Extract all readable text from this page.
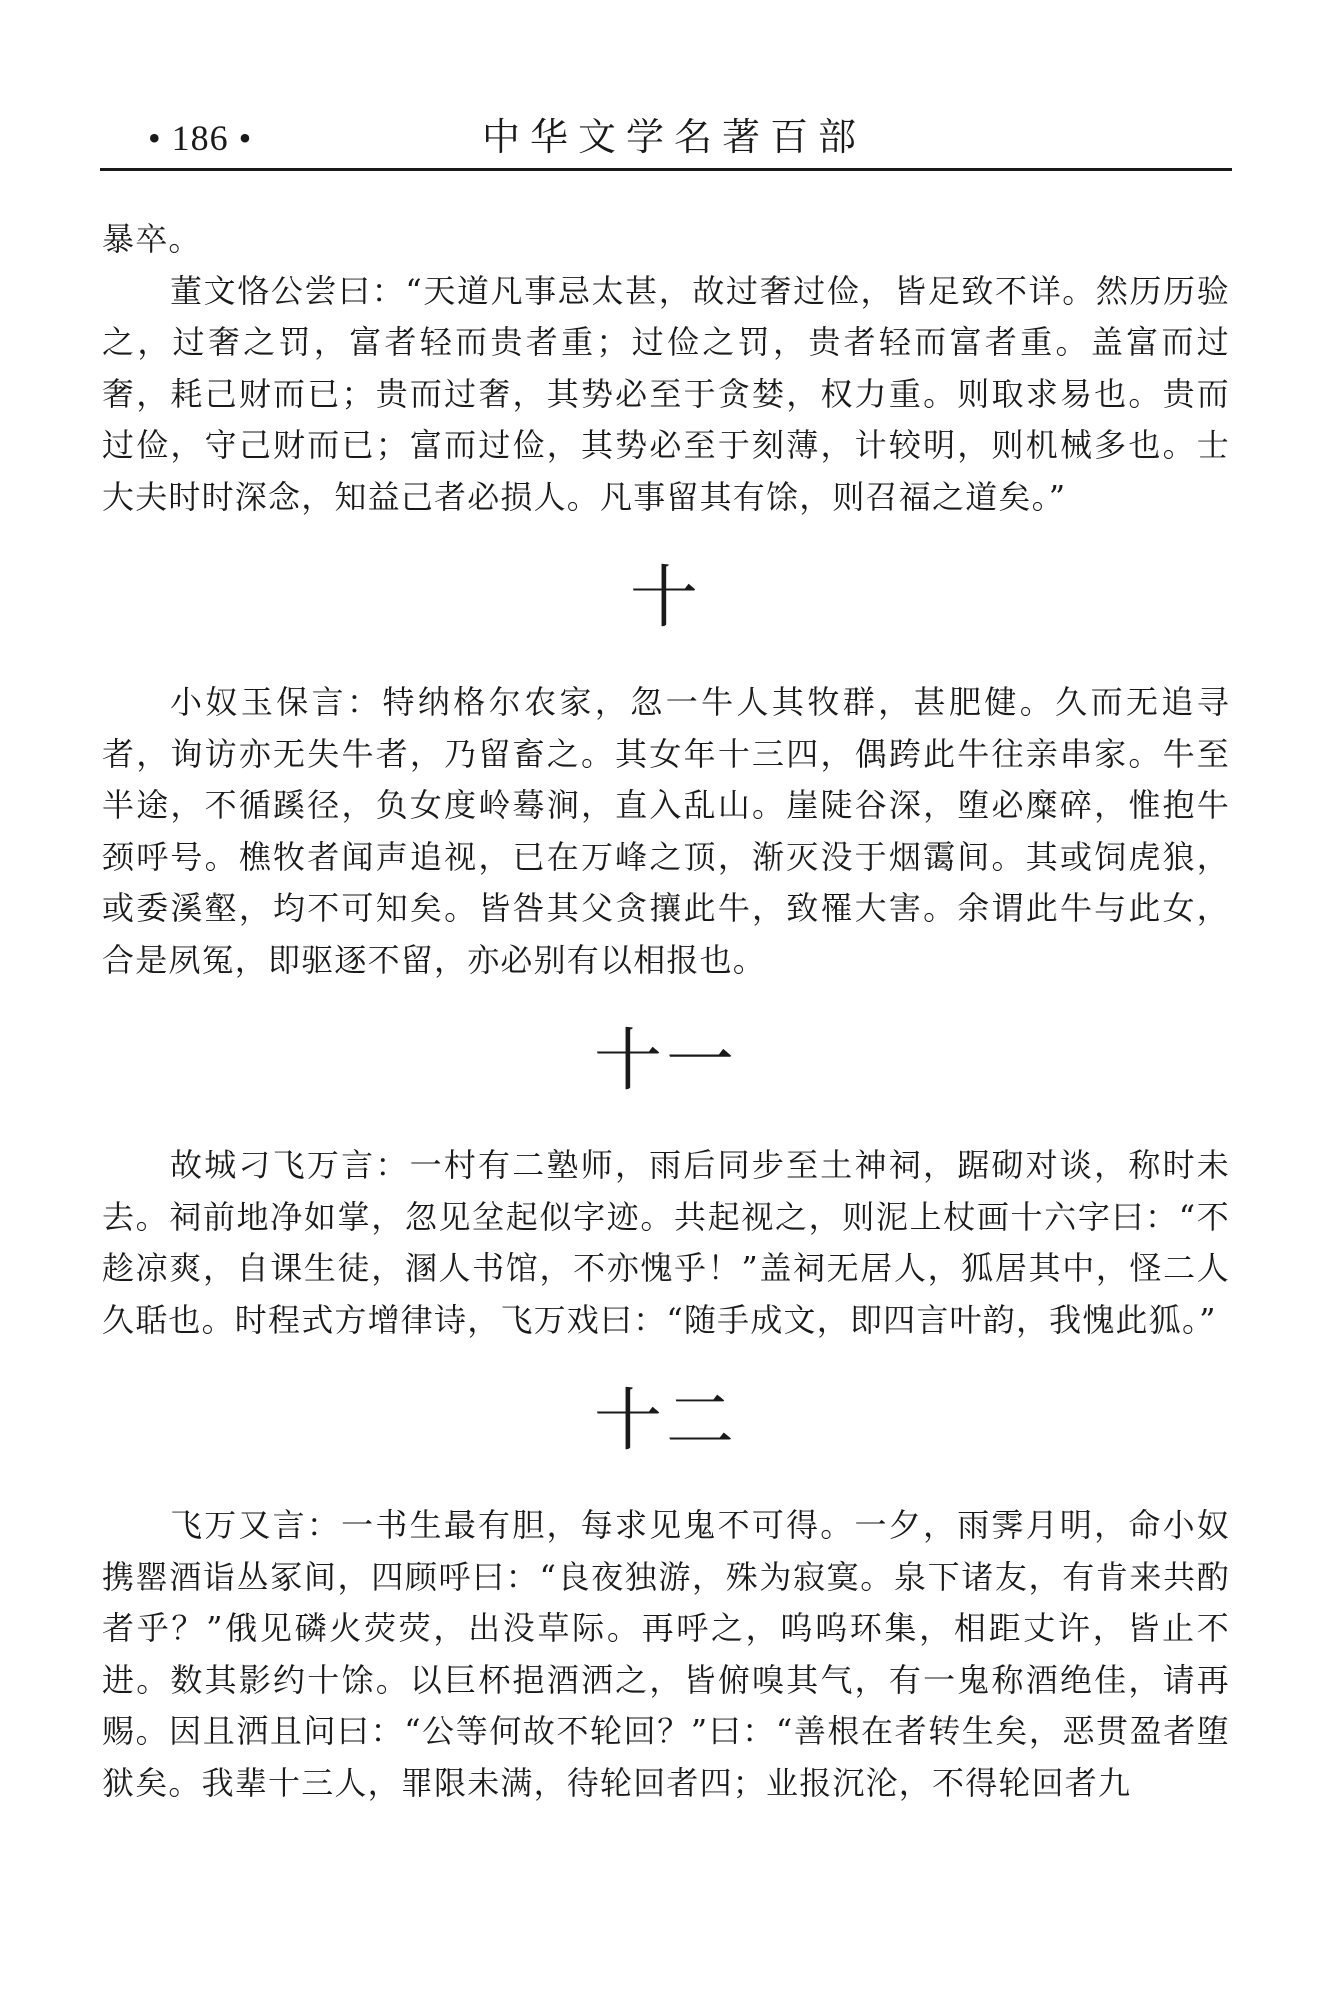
• 186 •	中华文学名著百部

暴卒。

董文恪公尝曰：“天道凡事忌太甚，故过奢过俭，皆足致不详。然历历验之，过奢之罚，富者轻而贵者重；过俭之罚，贵者轻而富者重。盖富而过奢，耗己财而已；贵而过奢，其势必至于贪婪，权力重。则取求易也。贵而过俭，守己财而已；富而过俭，其势必至于刻薄，计较明，则机械多也。士大夫时时深念，知益己者必损人。凡事留其有馀，则召福之道矣。”

十

小奴玉保言：特纳格尔农家，忽一牛人其牧群，甚肥健。久而无追寻者，询访亦无失牛者，乃留畜之。其女年十三四，偶跨此牛往亲串家。牛至半途，不循蹊径，负女度岭蓦涧，直入乱山。崖陡谷深，堕必糜碎，惟抱牛颈呼号。樵牧者闻声追视，已在万峰之顶，渐灭没于烟霭间。其或饲虎狼，或委溪壑，均不可知矣。皆咎其父贪攘此牛，致罹大害。余谓此牛与此女，合是夙冤，即驱逐不留，亦必别有以相报也。

十一

故城刁飞万言：一村有二塾师，雨后同步至土神祠，踞砌对谈，称时未去。祠前地净如掌，忽见坌起似字迹。共起视之，则泥上杖画十六字曰：“不趁凉爽，自课生徒，溷人书馆，不亦愧乎！”盖祠无居人，狐居其中，怪二人久聒也。时程式方增律诗，飞万戏曰：“随手成文，即四言叶韵，我愧此狐。”

十二

飞万又言：一书生最有胆，每求见鬼不可得。一夕，雨霁月明，命小奴携罂酒诣丛冢间，四顾呼曰：“良夜独游，殊为寂寞。泉下诸友，有肯来共酌者乎？”俄见磷火荧荧，出没草际。再呼之，呜呜环集，相距丈许，皆止不进。数其影约十馀。以巨杯挹酒洒之，皆俯嗅其气，有一鬼称酒绝佳，请再赐。因且洒且问曰：“公等何故不轮回？”曰：“善根在者转生矣，恶贯盈者堕狱矣。我辈十三人，罪限未满，待轮回者四；业报沉沦，不得轮回者九
